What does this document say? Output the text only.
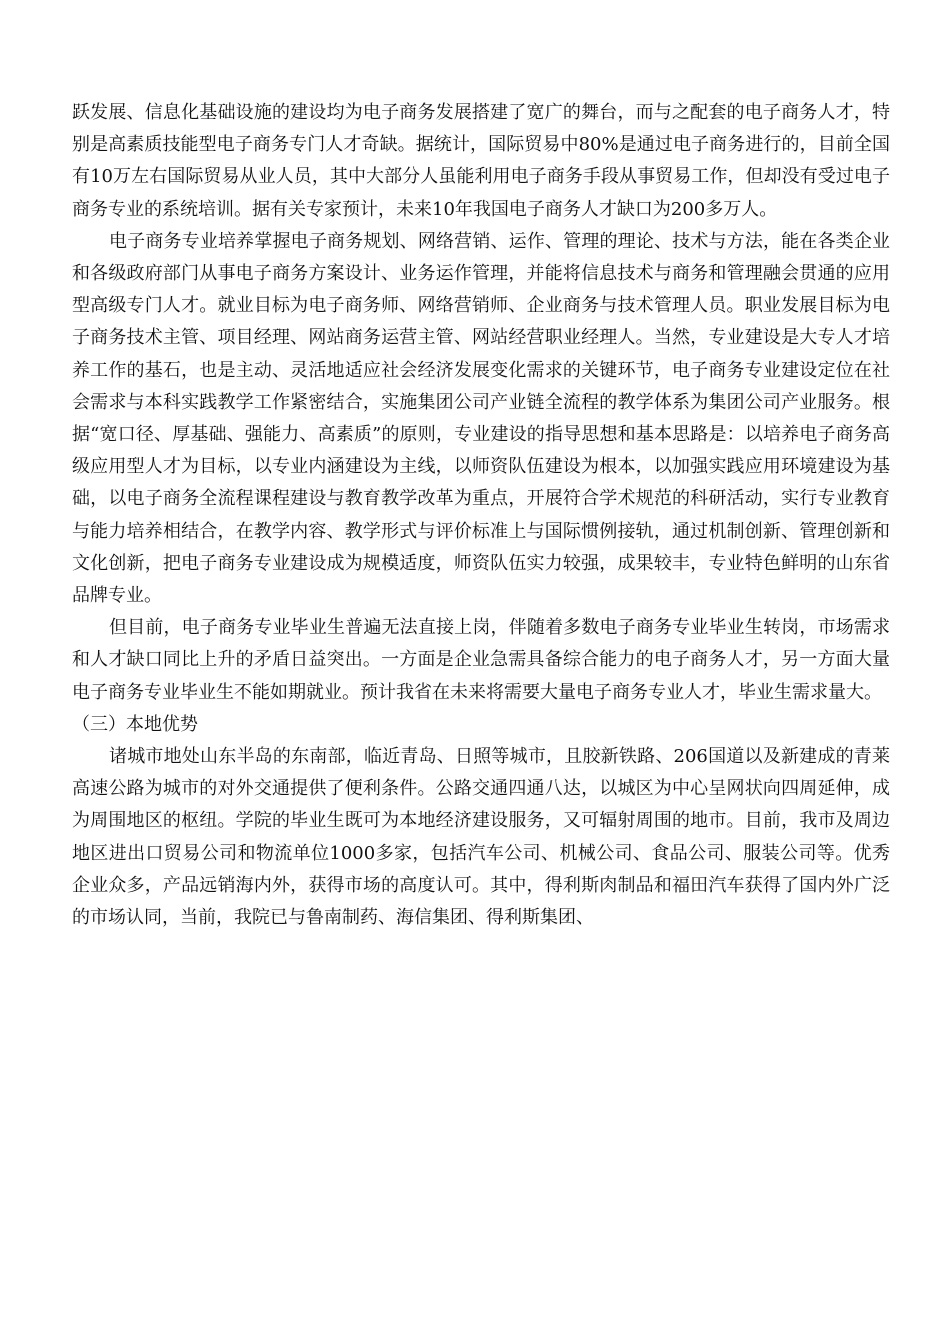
跃发展、信息化基础设施的建设均为电子商务发展搭建了宽广的舞台，而与之配套的电子商务人才，特别是高素质技能型电子商务专门人才奇缺。据统计，国际贸易中80%是通过电子商务进行的，目前全国有10万左右国际贸易从业人员，其中大部分人虽能利用电子商务手段从事贸易工作，但却没有受过电子商务专业的系统培训。据有关专家预计，未来10年我国电子商务人才缺口为200多万人。

电子商务专业培养掌握电子商务规划、网络营销、运作、管理的理论、技术与方法，能在各类企业和各级政府部门从事电子商务方案设计、业务运作管理，并能将信息技术与商务和管理融会贯通的应用型高级专门人才。就业目标为电子商务师、网络营销师、企业商务与技术管理人员。职业发展目标为电子商务技术主管、项目经理、网站商务运营主管、网站经营职业经理人。当然，专业建设是大专人才培养工作的基石，也是主动、灵活地适应社会经济发展变化需求的关键环节，电子商务专业建设定位在社会需求与本科实践教学工作紧密结合，实施集团公司产业链全流程的教学体系为集团公司产业服务。根据“宽口径、厚基础、强能力、高素质”的原则，专业建设的指导思想和基本思路是：以培养电子商务高级应用型人才为目标，以专业内涵建设为主线，以师资队伍建设为根本，以加强实践应用环境建设为基础，以电子商务全流程课程建设与教育教学改革为重点，开展符合学术规范的科研活动，实行专业教育与能力培养相结合，在教学内容、教学形式与评价标准上与国际惯例接轨，通过机制创新、管理创新和文化创新，把电子商务专业建设成为规模适度，师资队伍实力较强，成果较丰，专业特色鲜明的山东省品牌专业。

但目前，电子商务专业毕业生普遍无法直接上岗，伴随着多数电子商务专业毕业生转岗，市场需求和人才缺口同比上升的矛盾日益突出。一方面是企业急需具备综合能力的电子商务人才，另一方面大量电子商务专业毕业生不能如期就业。预计我省在未来将需要大量电子商务专业人才，毕业生需求量大。

（三）本地优势

诸城市地处山东半岛的东南部，临近青岛、日照等城市，且胶新铁路、206国道以及新建成的青莱高速公路为城市的对外交通提供了便利条件。公路交通四通八达，以城区为中心呈网状向四周延伸，成为周围地区的枢纽。学院的毕业生既可为本地经济建设服务，又可辐射周围的地市。目前，我市及周边地区进出口贸易公司和物流单位1000多家，包括汽车公司、机械公司、食品公司、服装公司等。优秀企业众多，产品远销海内外，获得市场的高度认可。其中，得利斯肉制品和福田汽车获得了国内外广泛的市场认同，当前，我院已与鲁南制药、海信集团、得利斯集团、
